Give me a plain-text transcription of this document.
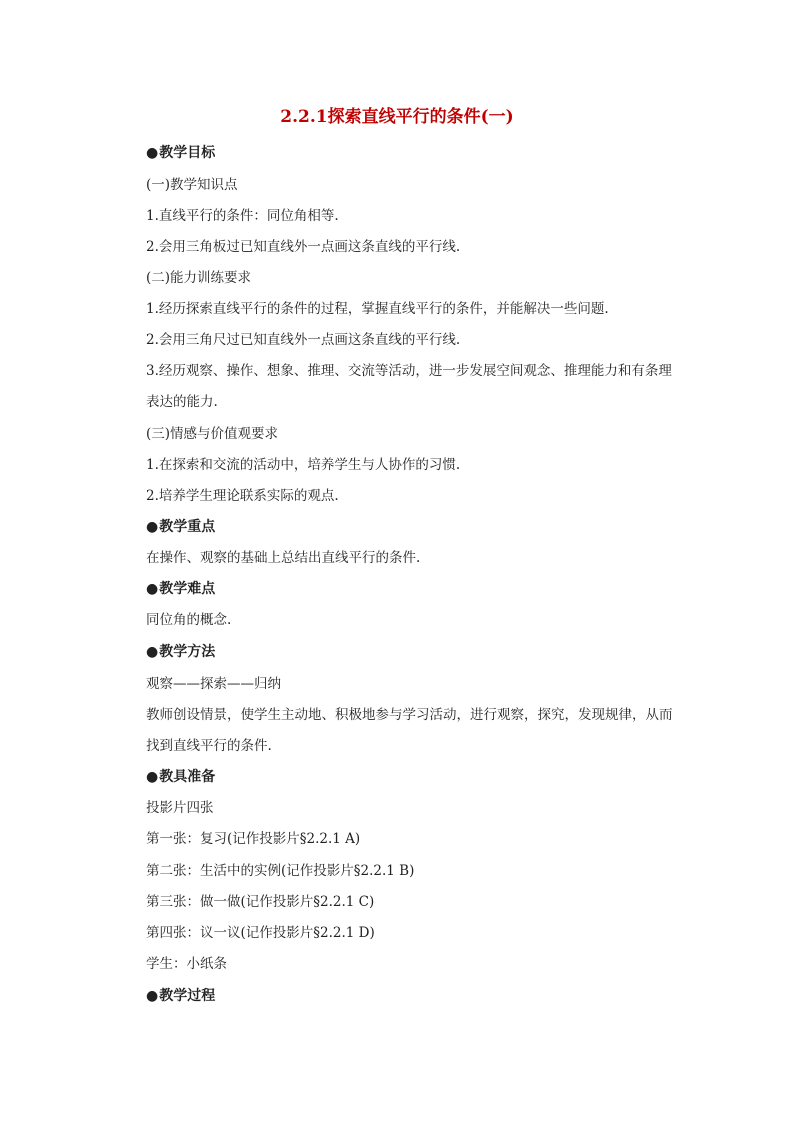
2.2.1探索直线平行的条件(一)
●教学目标
(一)教学知识点
1.直线平行的条件：同位角相等.
2.会用三角板过已知直线外一点画这条直线的平行线.
(二)能力训练要求
1.经历探索直线平行的条件的过程，掌握直线平行的条件，并能解决一些问题.
2.会用三角尺过已知直线外一点画这条直线的平行线.
3.经历观察、操作、想象、推理、交流等活动，进一步发展空间观念、推理能力和有条理表达的能力.
(三)情感与价值观要求
1.在探索和交流的活动中，培养学生与人协作的习惯.
2.培养学生理论联系实际的观点.
●教学重点
在操作、观察的基础上总结出直线平行的条件.
●教学难点
同位角的概念.
●教学方法
观察——探索——归纳
教师创设情景，使学生主动地、积极地参与学习活动，进行观察，探究，发现规律，从而找到直线平行的条件.
●教具准备
投影片四张
第一张：复习(记作投影片§2.2.1 A)
第二张：生活中的实例(记作投影片§2.2.1 B)
第三张：做一做(记作投影片§2.2.1 C)
第四张：议一议(记作投影片§2.2.1 D)
学生：小纸条
●教学过程
